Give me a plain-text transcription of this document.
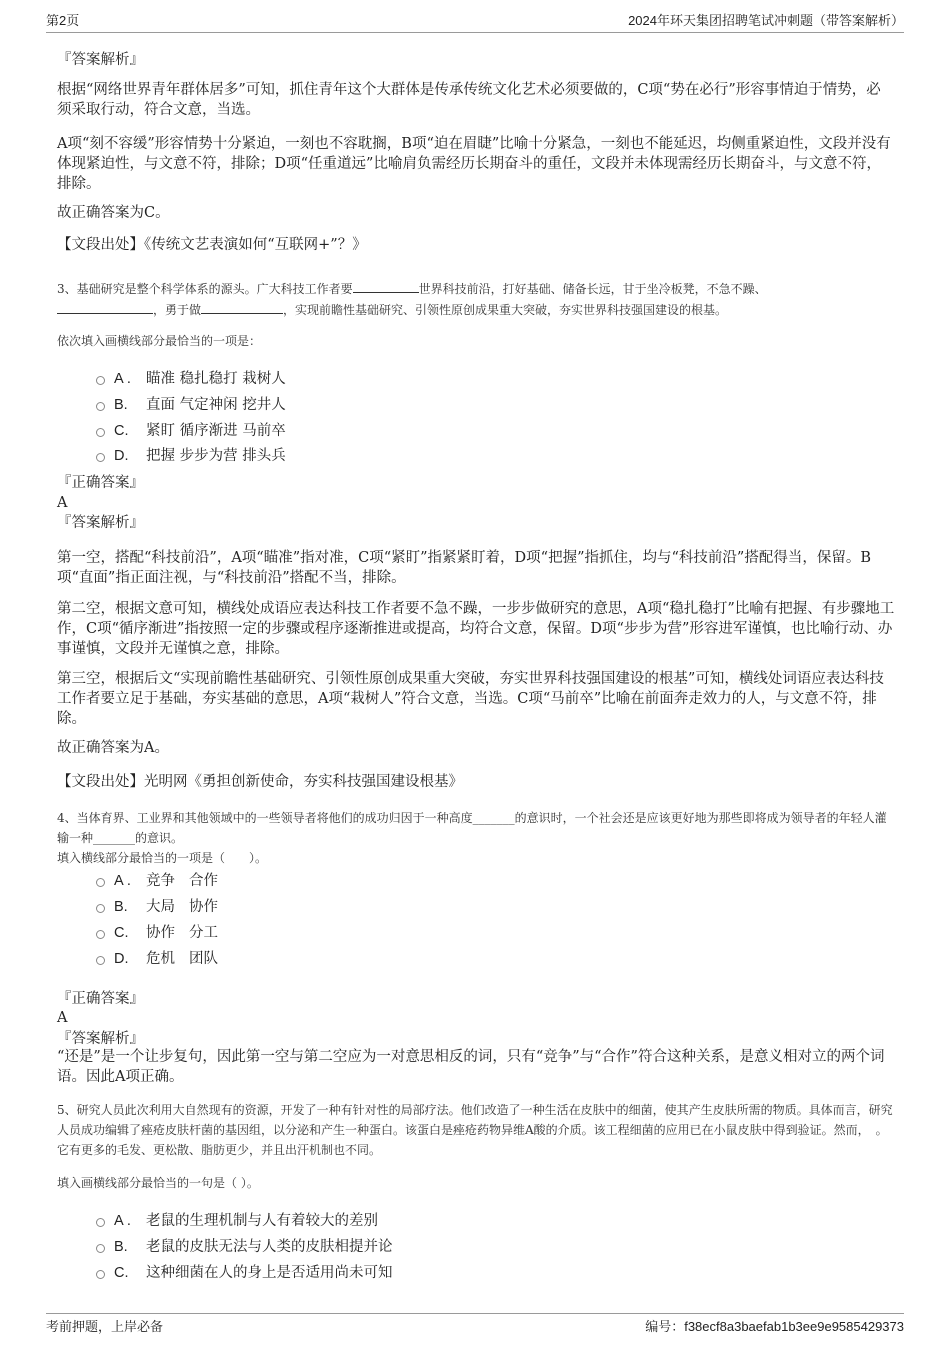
第2页	2024年环天集团招聘笔试冲刺题（带答案解析）
『答案解析』
根据“网络世界青年群体居多”可知，抓住青年这个大群体是传承传统文化艺术必须要做的，C项“势在必行”形容事情迫于情势，必须采取行动，符合文意，当选。
A项“刻不容缓”形容情势十分紧迫，一刻也不容耽搁，B项“迫在眉睫”比喻十分紧急，一刻也不能延迟，均侧重紧迫性，文段并没有体现紧迫性，与文意不符，排除；D项“任重道远”比喻肩负需经历长期奋斗的重任，文段并未体现需经历长期奋斗，与文意不符，排除。
故正确答案为C。
【文段出处】《传统文艺表演如何“互联网+”？》
3、基础研究是整个科学体系的源头。广大科技工作者要	世界科技前沿，打好基础、储备长远，甘于坐冷板凳，不急不躁、
，勇于做	，实现前瞻性基础研究、引领性原创成果重大突破，夯实世界科技强国建设的根基。
依次填入画横线部分最恰当的一项是：
A .	瞄准 稳扎稳打 栽树人
B.	直面 气定神闲 挖井人
C.	紧盯 循序渐进 马前卒
D.	把握 步步为营 排头兵
『正确答案』
A
『答案解析』
第一空，搭配“科技前沿”，A项“瞄准”指对准，C项“紧盯”指紧紧盯着，D项“把握”指抓住，均与“科技前沿”搭配得当，保留。B项“直面”指正面注视，与“科技前沿”搭配不当，排除。
第二空，根据文意可知，横线处成语应表达科技工作者要不急不躁，一步步做研究的意思，A项“稳扎稳打”比喻有把握、有步骤地工作，C项“循序渐进”指按照一定的步骤或程序逐渐推进或提高，均符合文意，保留。D项“步步为营”形容进军谨慎，也比喻行动、办事谨慎，文段并无谨慎之意，排除。
第三空，根据后文“实现前瞻性基础研究、引领性原创成果重大突破，夯实世界科技强国建设的根基”可知，横线处词语应表达科技工作者要立足于基础，夯实基础的意思，A项“栽树人”符合文意，当选。C项“马前卒”比喻在前面奔走效力的人，与文意不符，排除。
故正确答案为A。
【文段出处】光明网《勇担创新使命，夯实科技强国建设根基》
4、当体育界、工业界和其他领域中的一些领导者将他们的成功归因于一种高度_______的意识时，一个社会还是应该更好地为那些即将成为领导者的年轻人灌输一种_______的意识。
填入横线部分最恰当的一项是（　　）。
A .	竞争 合作
B.	大局 协作
C.	协作 分工
D.	危机 团队
『正确答案』
A
『答案解析』
“还是”是一个让步复句，因此第一空与第二空应为一对意思相反的词，只有“竞争”与“合作”符合这种关系，是意义相对立的两个词语。因此A项正确。
5、研究人员此次利用大自然现有的资源，开发了一种有针对性的局部疗法。他们改造了一种生活在皮肤中的细菌，使其产生皮肤所需的物质。具体而言，研究人员成功编辑了痤疮皮肤杆菌的基因组，以分泌和产生一种蛋白。该蛋白是痤疮药物异维A酸的介质。该工程细菌的应用已在小鼠皮肤中得到验证。然而，　。它有更多的毛发、更松散、脂肪更少，并且出汗机制也不同。
填入画横线部分最恰当的一句是（ ）。
A .	老鼠的生理机制与人有着较大的差别
B.	老鼠的皮肤无法与人类的皮肤相提并论
C.	这种细菌在人的身上是否适用尚未可知
考前押题，上岸必备	编号：f38ecf8a3baefab1b3ee9e9585429373
